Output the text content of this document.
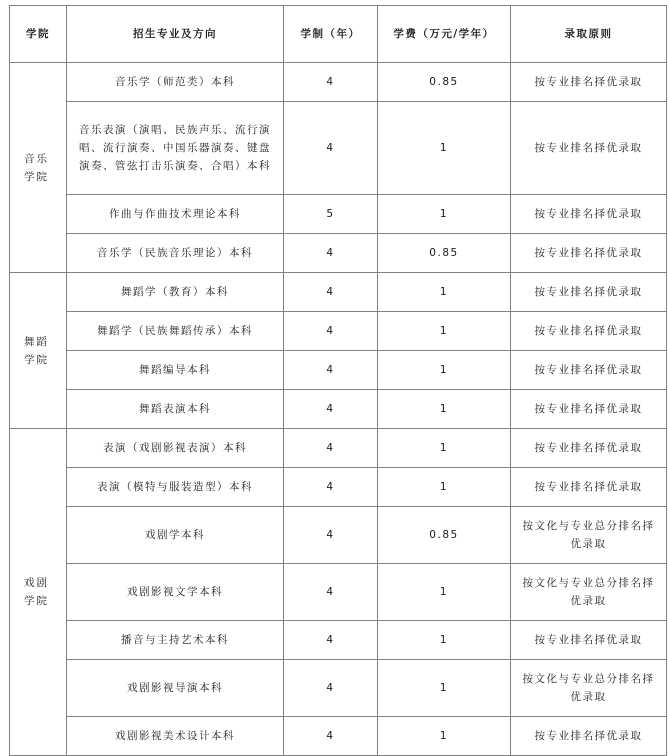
学院	招生专业及方向	学制（年）	学费（万元/学年）	录取原则
音乐学院	音乐学（师范类）本科	4	0.85	按专业排名择优录取
	音乐表演（演唱、民族声乐、流行演唱、流行演奏、中国乐器演奏、键盘演奏、管弦打击乐演奏、合唱）本科	4	1	按专业排名择优录取
	作曲与作曲技术理论本科	5	1	按专业排名择优录取
	音乐学（民族音乐理论）本科	4	0.85	按专业排名择优录取
舞蹈学院	舞蹈学（教育）本科	4	1	按专业排名择优录取
	舞蹈学（民族舞蹈传承）本科	4	1	按专业排名择优录取
	舞蹈编导本科	4	1	按专业排名择优录取
	舞蹈表演本科	4	1	按专业排名择优录取
戏剧学院	表演（戏剧影视表演）本科	4	1	按专业排名择优录取
	表演（模特与服装造型）本科	4	1	按专业排名择优录取
	戏剧学本科	4	0.85	按文化与专业总分排名择优录取
	戏剧影视文学本科	4	1	按文化与专业总分排名择优录取
	播音与主持艺术本科	4	1	按专业排名择优录取
	戏剧影视导演本科	4	1	按文化与专业总分排名择优录取
	戏剧影视美术设计本科	4	1	按专业排名择优录取
